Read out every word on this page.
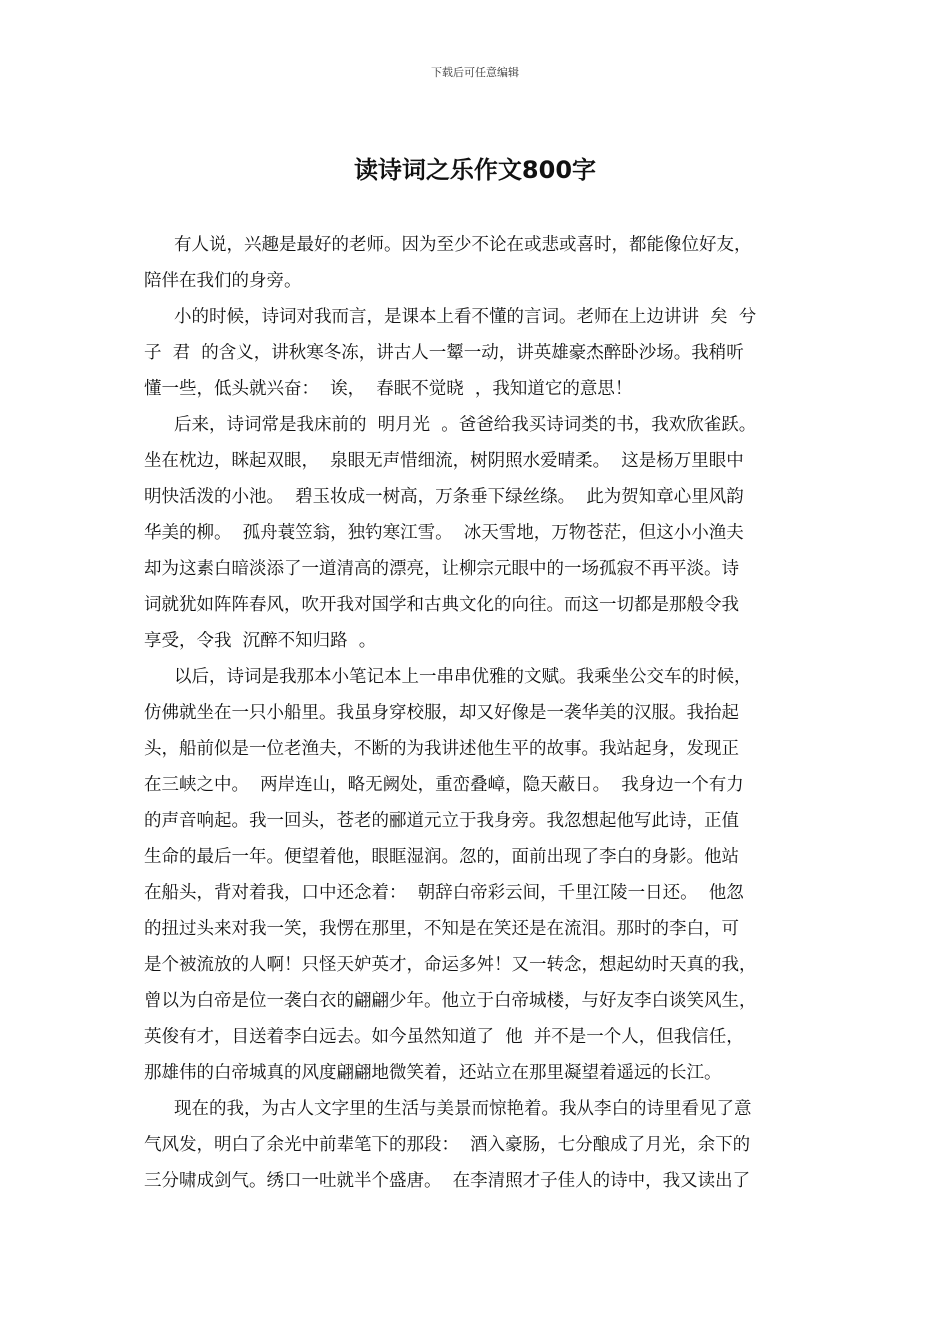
下载后可任意编辑
读诗词之乐作文800字
有人说，兴趣是最好的老师。因为至少不论在或悲或喜时，都能像位好友，
陪伴在我们的身旁。
小的时候，诗词对我而言，是课本上看不懂的言词。老师在上边讲讲  矣  兮
子  君  的含义，讲秋寒冬冻，讲古人一颦一动，讲英雄豪杰醉卧沙场。我稍听
懂一些，低头就兴奋：  诶，  春眠不觉晓  ，我知道它的意思！
后来，诗词常是我床前的  明月光  。爸爸给我买诗词类的书，我欢欣雀跃。
坐在枕边，眯起双眼，  泉眼无声惜细流，树阴照水爱晴柔。  这是杨万里眼中
明快活泼的小池。  碧玉妆成一树高，万条垂下绿丝绦。  此为贺知章心里风韵
华美的柳。  孤舟蓑笠翁，独钓寒江雪。  冰天雪地，万物苍茫，但这小小渔夫
却为这素白暗淡添了一道清高的漂亮，让柳宗元眼中的一场孤寂不再平淡。诗
词就犹如阵阵春风，吹开我对国学和古典文化的向往。而这一切都是那般令我
享受，令我  沉醉不知归路  。
以后，诗词是我那本小笔记本上一串串优雅的文赋。我乘坐公交车的时候，
仿佛就坐在一只小船里。我虽身穿校服，却又好像是一袭华美的汉服。我抬起
头，船前似是一位老渔夫，不断的为我讲述他生平的故事。我站起身，发现正
在三峡之中。  两岸连山，略无阙处，重峦叠嶂，隐天蔽日。  我身边一个有力
的声音响起。我一回头，苍老的郦道元立于我身旁。我忽想起他写此诗，正值
生命的最后一年。便望着他，眼眶湿润。忽的，面前出现了李白的身影。他站
在船头，背对着我，口中还念着：  朝辞白帝彩云间，千里江陵一日还。  他忽
的扭过头来对我一笑，我愣在那里，不知是在笑还是在流泪。那时的李白，可
是个被流放的人啊！只怪天妒英才，命运多舛！又一转念，想起幼时天真的我，
曾以为白帝是位一袭白衣的翩翩少年。他立于白帝城楼，与好友李白谈笑风生，
英俊有才，目送着李白远去。如今虽然知道了  他  并不是一个人，但我信任，
那雄伟的白帝城真的风度翩翩地微笑着，还站立在那里凝望着遥远的长江。
现在的我，为古人文字里的生活与美景而惊艳着。我从李白的诗里看见了意
气风发，明白了余光中前辈笔下的那段：  酒入豪肠，七分酿成了月光，余下的
三分啸成剑气。绣口一吐就半个盛唐。  在李清照才子佳人的诗中，我又读出了
